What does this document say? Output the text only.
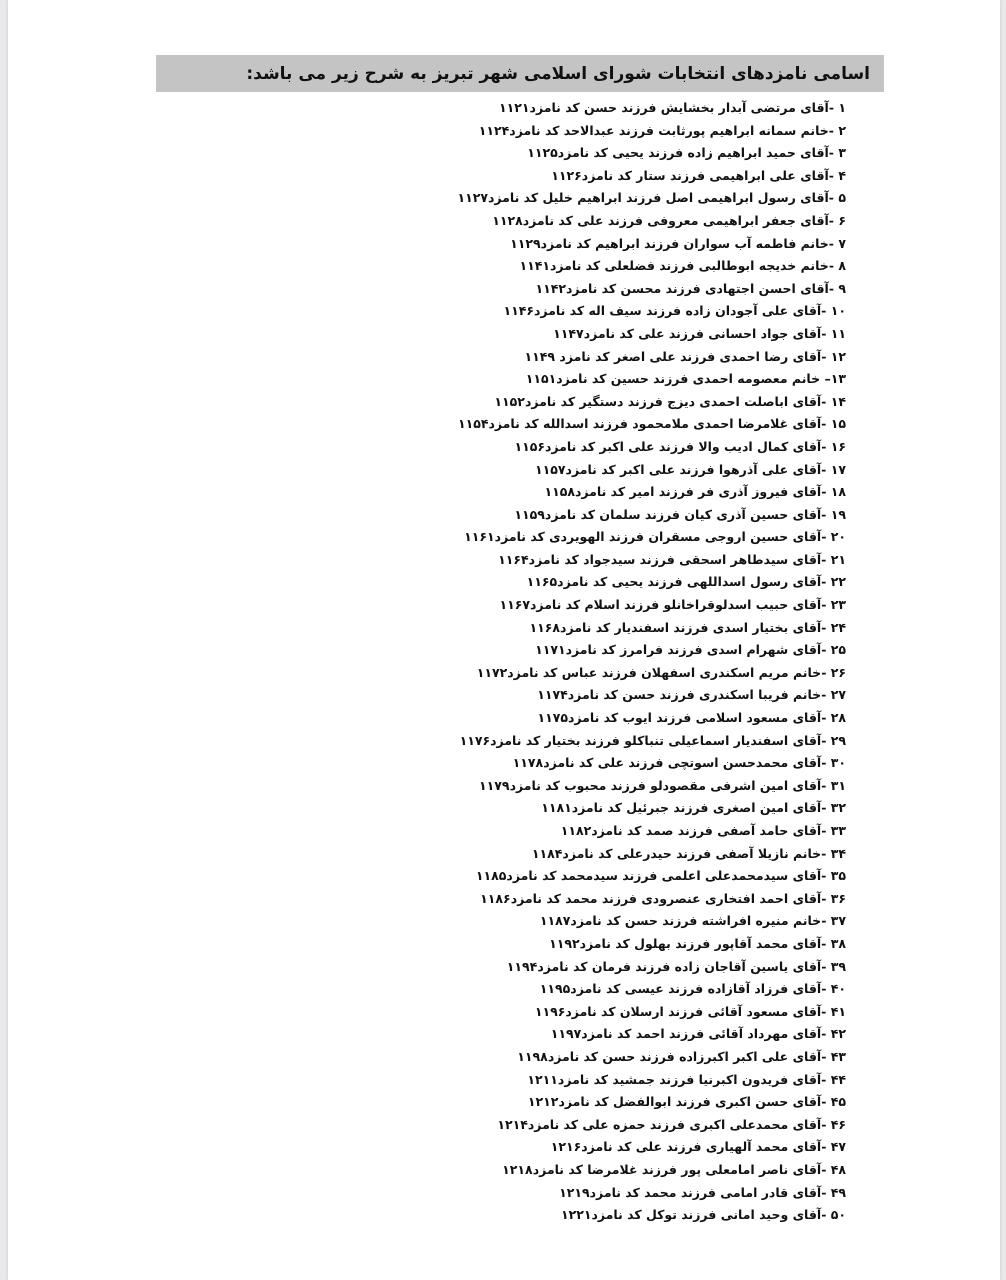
اسامی نامزدهای انتخابات شورای اسلامی شهر تبریز به شرح زیر می باشد:
۱ -آقای مرتضی آبدار بخشایش فرزند حسن کد نامزد۱۱۲۱
۲ -خانم سمانه ابراهیم پورثابت فرزند عبدالاحد کد نامزد۱۱۲۴
۳ -آقای حمید ابراهیم زاده فرزند یحیی کد نامزد۱۱۲۵
۴ -آقای علی ابراهیمی فرزند ستار کد نامزد۱۱۲۶
۵ -آقای رسول ابراهیمی اصل فرزند ابراهیم خلیل کد نامزد۱۱۲۷
۶ -آقای جعفر ابراهیمی معروفی فرزند علی کد نامزد۱۱۲۸
۷ -خانم فاطمه آب سواران فرزند ابراهیم کد نامزد۱۱۲۹
۸ -خانم خدیجه ابوطالبی فرزند فضلعلی کد نامزد۱۱۴۱
۹ -آقای احسن اجتهادی فرزند محسن کد نامزد۱۱۴۲
۱۰ -آقای علی آجودان زاده فرزند سیف اله کد نامزد۱۱۴۶
۱۱ -آقای جواد احسانی فرزند علی کد نامزد۱۱۴۷
۱۲ -آقای رضا احمدی فرزند علی اصغر کد نامزد ۱۱۴۹
۱۳– خانم معصومه احمدی فرزند حسین کد نامزد۱۱۵۱
۱۴ -آقای اباصلت احمدی دیزج فرزند دستگیر کد نامزد۱۱۵۲
۱۵ -آقای غلامرضا احمدی ملامحمود فرزند اسدالله کد نامزد۱۱۵۴
۱۶ -آقای کمال ادیب والا فرزند علی اکبر کد نامزد۱۱۵۶
۱۷ -آقای علی آذرهوا فرزند علی اکبر کد نامزد۱۱۵۷
۱۸ -آقای فیروز آذری فر فرزند امیر کد نامزد۱۱۵۸
۱۹ -آقای حسین آذری کیان فرزند سلمان کد نامزد۱۱۵۹
۲۰ -آقای حسین اروجی مسقران فرزند الهویردی کد نامزد۱۱۶۱
۲۱ -آقای سیدطاهر اسحقی فرزند سیدجواد کد نامزد۱۱۶۴
۲۲ -آقای رسول اسداللهی فرزند یحیی کد نامزد۱۱۶۵
۲۳ -آقای حبیب اسدلوقراخانلو فرزند اسلام کد نامزد۱۱۶۷
۲۴ -آقای بختیار اسدی فرزند اسفندیار کد نامزد۱۱۶۸
۲۵ -آقای شهرام اسدی فرزند فرامرز کد نامزد۱۱۷۱
۲۶ -خانم مریم اسکندری اسفهلان فرزند عباس کد نامزد۱۱۷۲
۲۷ -خانم فریبا اسکندری فرزند حسن کد نامزد۱۱۷۴
۲۸ -آقای مسعود اسلامی فرزند ایوب کد نامزد۱۱۷۵
۲۹ -آقای اسفندیار اسماعیلی تنباکلو فرزند بختیار کد نامزد۱۱۷۶
۳۰ -آقای محمدحسن اسوتچی فرزند علی کد نامزد۱۱۷۸
۳۱ -آقای امین اشرفی مقصودلو فرزند محبوب کد نامزد۱۱۷۹
۳۲ -آقای امین اصغری فرزند جبرئیل کد نامزد۱۱۸۱
۳۳ -آقای حامد آصفی فرزند صمد کد نامزد۱۱۸۲
۳۴ -خانم نازیلا آصفی فرزند حیدرعلی کد نامزد۱۱۸۴
۳۵ -آقای سیدمحمدعلی اعلمی فرزند سیدمحمد کد نامزد۱۱۸۵
۳۶ -آقای احمد افتخاری عنصرودی فرزند محمد کد نامزد۱۱۸۶
۳۷ -خانم منیره افراشته فرزند حسن کد نامزد۱۱۸۷
۳۸ -آقای محمد آقاپور فرزند بهلول کد نامزد۱۱۹۲
۳۹ -آقای یاسین آقاجان زاده فرزند فرمان کد نامزد۱۱۹۴
۴۰ -آقای فرزاد آقازاده فرزند عیسی کد نامزد۱۱۹۵
۴۱ -آقای مسعود آقائی فرزند ارسلان کد نامزد۱۱۹۶
۴۲ -آقای مهرداد آقائی فرزند احمد کد نامزد۱۱۹۷
۴۳ -آقای علی اکبر اکبرزاده فرزند حسن کد نامزد۱۱۹۸
۴۴ -آقای فریدون اکبرنیا فرزند جمشید کد نامزد۱۲۱۱
۴۵ -آقای حسن اکبری فرزند ابوالفضل کد نامزد۱۲۱۲
۴۶ -آقای محمدعلی اکبری فرزند حمزه علی کد نامزد۱۲۱۴
۴۷ -آقای محمد آلهیاری فرزند علی کد نامزد۱۲۱۶
۴۸ -آقای ناصر امامعلی پور فرزند غلامرضا کد نامزد۱۲۱۸
۴۹ -آقای قادر امامی فرزند محمد کد نامزد۱۲۱۹
۵۰ -آقای وحید امانی فرزند توکل کد نامزد۱۲۲۱
